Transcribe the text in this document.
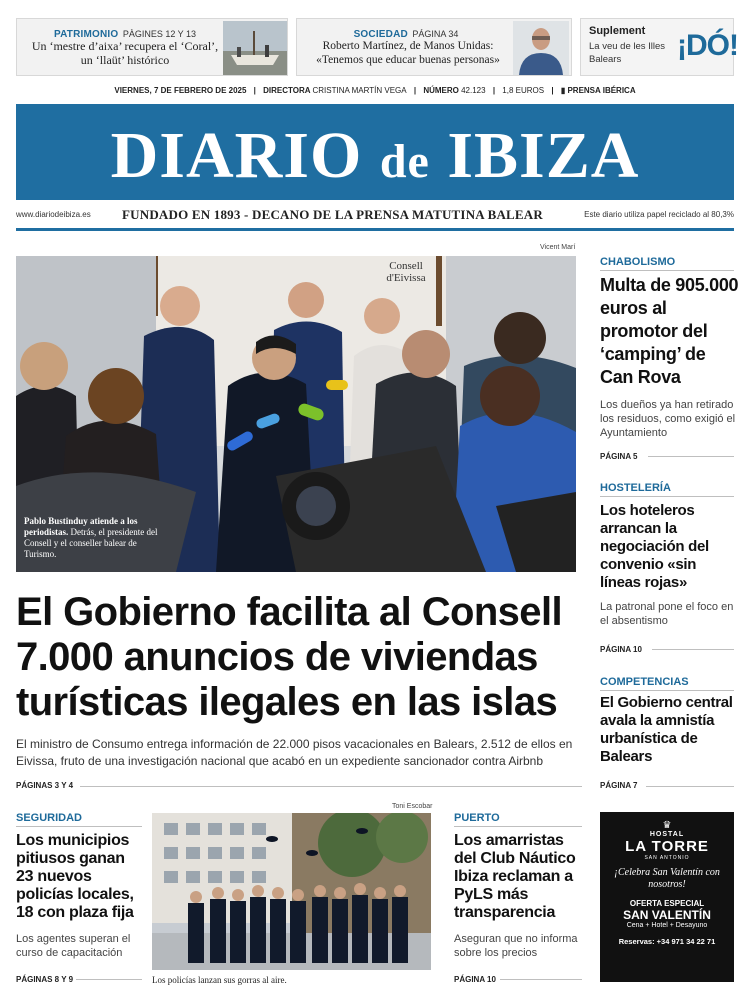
PATRIMONIO PÀGINES 12 Y 13
Un ‘mestre d’aixa’ recupera el ‘Coral’, un ‘llaüt’ histórico
SOCIEDAD PÁGINA 34
Roberto Martínez, de Manos Unidas: «Tenemos que educar buenas personas»
Suplement
La veu de les Illes Balears	¡DÓ!
VIERNES, 7 DE FEBRERO DE 2025 | DIRECTORA CRISTINA MARTÍN VEGA | NÚMERO 42.123 | 1,8 EUROS | ▮ PRENSA IBÉRICA
DIARIO de IBIZA
www.diariodeibiza.es FUNDADO EN 1893 - DECANO DE LA PRENSA MATUTINA BALEAR	Este diario utiliza papel reciclado al 80,3%
Vicent Marí
Consell
d'Eivissa
Pablo Bustinduy atiende a los periodistas. Detrás, el presidente del Consell y el conseller balear de Turismo.
El Gobierno facilita al Consell
7.000 anuncios de viviendas
turísticas ilegales en las islas
El ministro de Consumo entrega información de 22.000 pisos vacacionales en Balears, 2.512 de ellos en Eivissa, fruto de una investigación nacional que acabó en un expediente sancionador contra Airbnb
PÁGINAS 3 Y 4
CHABOLISMO
Multa de 905.000 euros al promotor del ‘camping’ de Can Rova
Los dueños ya han retirado los residuos, como exigió el Ayuntamiento
PÁGINA 5
HOSTELERÍA
Los hoteleros arrancan la negociación del convenio «sin líneas rojas»
La patronal pone el foco en el absentismo
PÁGINA 10
COMPETENCIAS
El Gobierno central avala la amnistía urbanística de Balears
PÁGINA 7
SEGURIDAD
Los municipios pitiusos ganan 23 nuevos policías locales, 18 con plaza fija
Los agentes superan el curso de capacitación
PÁGINAS 8 Y 9
Toni Escobar
Los policías lanzan sus gorras al aire.
PUERTO
Los amarristas del Club Náutico Ibiza reclaman a PyLS más transparencia
Aseguran que no informa sobre los precios
PÁGINA 10
♛
HOSTAL
LA TORRE
SAN ANTONIO
¡Celebra San Valentín con nosotros!
OFERTA ESPECIAL
SAN VALENTÍN
Cena + Hotel + Desayuno
Reservas: +34 971 34 22 71
